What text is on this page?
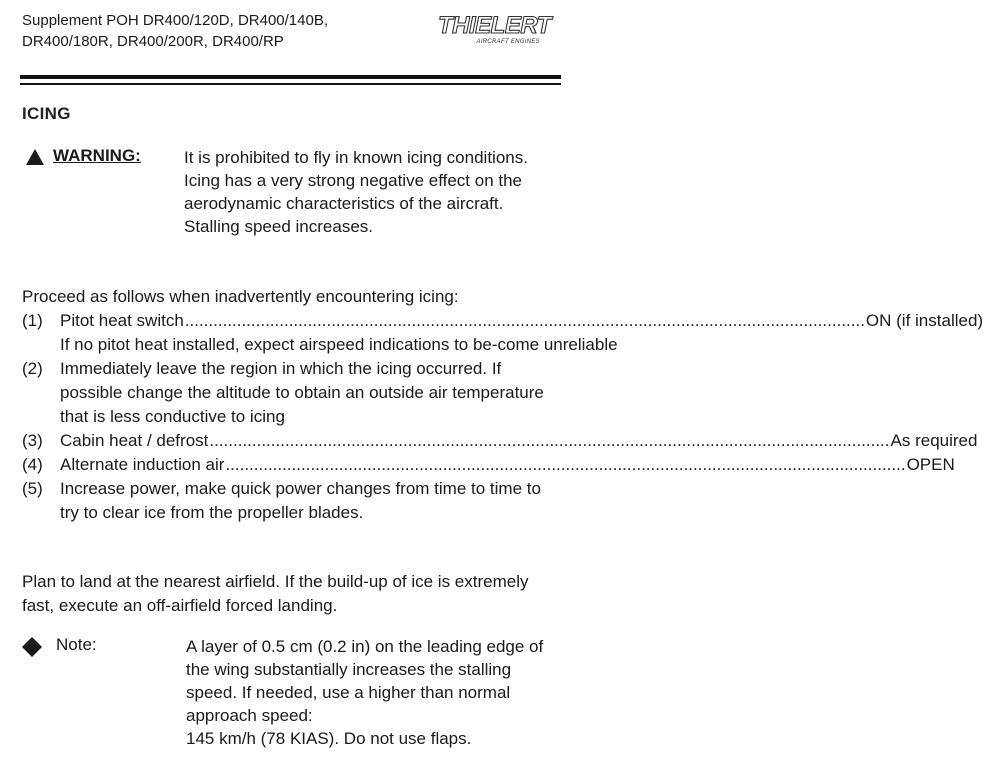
Supplement POH DR400/120D, DR400/140B,
DR400/180R, DR400/200R, DR400/RP
THIELERT
AIRCRAFT ENGINES
ICING
WARNING:	It is prohibited to fly in known icing conditions.

Icing has a very strong negative effect on the aerodynamic characteristics of the aircraft. Stalling speed increases.

Proceed as follows when inadvertently encountering icing:
(1)	Pitot heat switch .....	ON (if installed)
If no pitot heat installed, expect airspeed indications to be-come unreliable
(2)	Immediately leave the region in which the icing occurred. If possible change the altitude to obtain an outside air temperature that is less conductive to icing
(3)	Cabin heat / defrost .....	As required
(4)	Alternate induction air .....	OPEN
(5)	Increase power, make quick power changes from time to time to try to clear ice from the propeller blades.
Plan to land at the nearest airfield. If the build-up of ice is extremely fast, execute an off-airfield forced landing.
Note:	A layer of 0.5 cm (0.2 in) on the leading edge of the wing substantially increases the stalling speed. If needed, use a higher than normal approach speed:
145 km/h (78 KIAS). Do not use flaps.
